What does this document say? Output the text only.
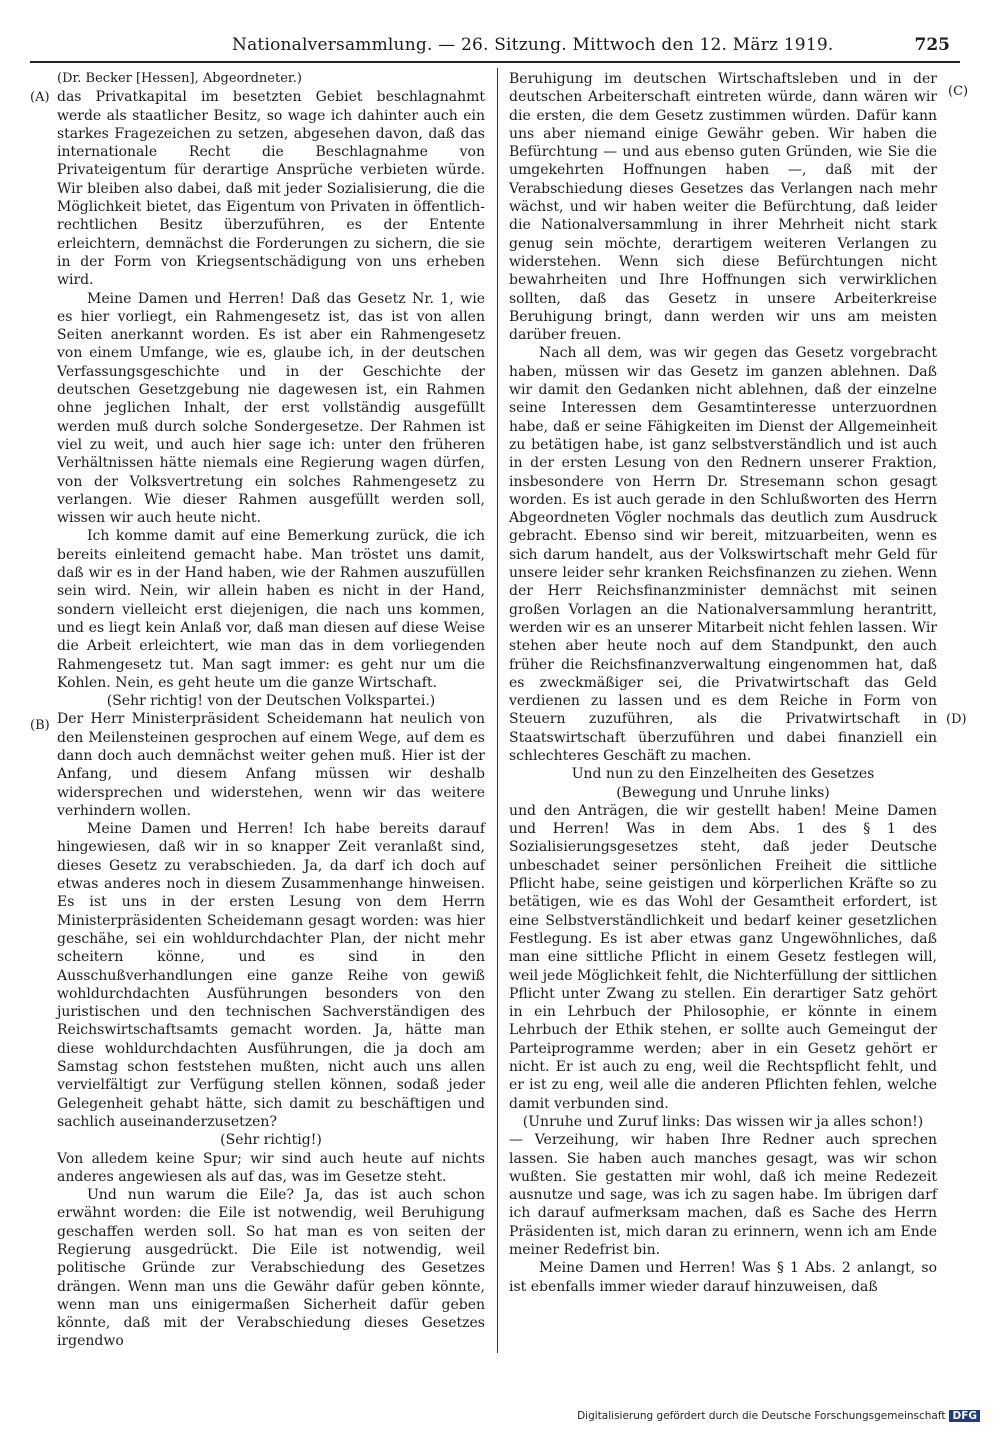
Nationalversammlung. — 26. Sitzung. Mittwoch den 12. März 1919.	725
(A)
(B)
(C)
(D)

(Dr. Becker [Hessen], Abgeordneter.)

das Privatkapital im besetzten Gebiet beschlagnahmt werde als staatlicher Besitz, so wage ich dahinter auch ein starkes Fragezeichen zu setzen, abgesehen davon, daß das internationale Recht die Beschlagnahme von Privateigentum für derartige Ansprüche verbieten würde. Wir bleiben also dabei, daß mit jeder Sozialisierung, die die Möglichkeit bietet, das Eigentum von Privaten in öffentlich-rechtlichen Besitz überzuführen, es der Entente erleichtern, demnächst die Forderungen zu sichern, die sie in der Form von Kriegsentschädigung von uns erheben wird.

Meine Damen und Herren! Daß das Gesetz Nr. 1, wie es hier vorliegt, ein Rahmengesetz ist, das ist von allen Seiten anerkannt worden. Es ist aber ein Rahmengesetz von einem Umfange, wie es, glaube ich, in der deutschen Verfassungsgeschichte und in der Geschichte der deutschen Gesetzgebung nie dagewesen ist, ein Rahmen ohne jeglichen Inhalt, der erst vollständig ausgefüllt werden muß durch solche Sondergesetze. Der Rahmen ist viel zu weit, und auch hier sage ich: unter den früheren Verhältnissen hätte niemals eine Regierung wagen dürfen, von der Volksvertretung ein solches Rahmengesetz zu verlangen. Wie dieser Rahmen ausgefüllt werden soll, wissen wir auch heute nicht.

Ich komme damit auf eine Bemerkung zurück, die ich bereits einleitend gemacht habe. Man tröstet uns damit, daß wir es in der Hand haben, wie der Rahmen auszufüllen sein wird. Nein, wir allein haben es nicht in der Hand, sondern vielleicht erst diejenigen, die nach uns kommen, und es liegt kein Anlaß vor, daß man diesen auf diese Weise die Arbeit erleichtert, wie man das in dem vorliegenden Rahmengesetz tut. Man sagt immer: es geht nur um die Kohlen. Nein, es geht heute um die ganze Wirtschaft.

(Sehr richtig! von der Deutschen Volkspartei.)

Der Herr Ministerpräsident Scheidemann hat neulich von den Meilensteinen gesprochen auf einem Wege, auf dem es dann doch auch demnächst weiter gehen muß. Hier ist der Anfang, und diesem Anfang müssen wir deshalb widersprechen und widerstehen, wenn wir das weitere verhindern wollen.

Meine Damen und Herren! Ich habe bereits darauf hingewiesen, daß wir in so knapper Zeit veranlaßt sind, dieses Gesetz zu verabschieden. Ja, da darf ich doch auf etwas anderes noch in diesem Zusammenhange hinweisen. Es ist uns in der ersten Lesung von dem Herrn Ministerpräsidenten Scheidemann gesagt worden: was hier geschähe, sei ein wohldurchdachter Plan, der nicht mehr scheitern könne, und es sind in den Ausschußverhandlungen eine ganze Reihe von gewiß wohldurchdachten Ausführungen besonders von den juristischen und den technischen Sachverständigen des Reichswirtschaftsamts gemacht worden. Ja, hätte man diese wohldurchdachten Ausführungen, die ja doch am Samstag schon feststehen mußten, nicht auch uns allen vervielfältigt zur Verfügung stellen können, sodaß jeder Gelegenheit gehabt hätte, sich damit zu beschäftigen und sachlich auseinanderzusetzen?

(Sehr richtig!)

Von alledem keine Spur; wir sind auch heute auf nichts anderes angewiesen als auf das, was im Gesetze steht.

Und nun warum die Eile? Ja, das ist auch schon erwähnt worden: die Eile ist notwendig, weil Beruhigung geschaffen werden soll. So hat man es von seiten der Regierung ausgedrückt. Die Eile ist notwendig, weil politische Gründe zur Verabschiedung des Gesetzes drängen. Wenn man uns die Gewähr dafür geben könnte, wenn man uns einigermaßen Sicherheit dafür geben könnte, daß mit der Verabschiedung dieses Gesetzes irgendwo

Beruhigung im deutschen Wirtschaftsleben und in der deutschen Arbeiterschaft eintreten würde, dann wären wir die ersten, die dem Gesetz zustimmen würden. Dafür kann uns aber niemand einige Gewähr geben. Wir haben die Befürchtung — und aus ebenso guten Gründen, wie Sie die umgekehrten Hoffnungen haben —, daß mit der Verabschiedung dieses Gesetzes das Verlangen nach mehr wächst, und wir haben weiter die Befürchtung, daß leider die Nationalversammlung in ihrer Mehrheit nicht stark genug sein möchte, derartigem weiteren Verlangen zu widerstehen. Wenn sich diese Befürchtungen nicht bewahrheiten und Ihre Hoffnungen sich verwirklichen sollten, daß das Gesetz in unsere Arbeiterkreise Beruhigung bringt, dann werden wir uns am meisten darüber freuen.

Nach all dem, was wir gegen das Gesetz vorgebracht haben, müssen wir das Gesetz im ganzen ablehnen. Daß wir damit den Gedanken nicht ablehnen, daß der einzelne seine Interessen dem Gesamtinteresse unterzuordnen habe, daß er seine Fähigkeiten im Dienst der Allgemeinheit zu betätigen habe, ist ganz selbstverständlich und ist auch in der ersten Lesung von den Rednern unserer Fraktion, insbesondere von Herrn Dr. Stresemann schon gesagt worden. Es ist auch gerade in den Schlußworten des Herrn Abgeordneten Vögler nochmals das deutlich zum Ausdruck gebracht. Ebenso sind wir bereit, mitzuarbeiten, wenn es sich darum handelt, aus der Volkswirtschaft mehr Geld für unsere leider sehr kranken Reichsfinanzen zu ziehen. Wenn der Herr Reichsfinanzminister demnächst mit seinen großen Vorlagen an die Nationalversammlung herantritt, werden wir es an unserer Mitarbeit nicht fehlen lassen. Wir stehen aber heute noch auf dem Standpunkt, den auch früher die Reichsfinanzverwaltung eingenommen hat, daß es zweckmäßiger sei, die Privatwirtschaft das Geld verdienen zu lassen und es dem Reiche in Form von Steuern zuzuführen, als die Privatwirtschaft in Staatswirtschaft überzuführen und dabei finanziell ein schlechteres Geschäft zu machen.

Und nun zu den Einzelheiten des Gesetzes

(Bewegung und Unruhe links)

und den Anträgen, die wir gestellt haben! Meine Damen und Herren! Was in dem Abs. 1 des § 1 des Sozialisierungsgesetzes steht, daß jeder Deutsche unbeschadet seiner persönlichen Freiheit die sittliche Pflicht habe, seine geistigen und körperlichen Kräfte so zu betätigen, wie es das Wohl der Gesamtheit erfordert, ist eine Selbstverständlichkeit und bedarf keiner gesetzlichen Festlegung. Es ist aber etwas ganz Ungewöhnliches, daß man eine sittliche Pflicht in einem Gesetz festlegen will, weil jede Möglichkeit fehlt, die Nichterfüllung der sittlichen Pflicht unter Zwang zu stellen. Ein derartiger Satz gehört in ein Lehrbuch der Philosophie, er könnte in einem Lehrbuch der Ethik stehen, er sollte auch Gemeingut der Parteiprogramme werden; aber in ein Gesetz gehört er nicht. Er ist auch zu eng, weil die Rechtspflicht fehlt, und er ist zu eng, weil alle die anderen Pflichten fehlen, welche damit verbunden sind.

(Unruhe und Zuruf links: Das wissen wir ja alles schon!)

— Verzeihung, wir haben Ihre Redner auch sprechen lassen. Sie haben auch manches gesagt, was wir schon wußten. Sie gestatten mir wohl, daß ich meine Redezeit ausnutze und sage, was ich zu sagen habe. Im übrigen darf ich darauf aufmerksam machen, daß es Sache des Herrn Präsidenten ist, mich daran zu erinnern, wenn ich am Ende meiner Redefrist bin.

Meine Damen und Herren! Was § 1 Abs. 2 anlangt, so ist ebenfalls immer wieder darauf hinzuweisen, daß

Digitalisierung gefördert durch die Deutsche Forschungsgemeinschaft DFG
